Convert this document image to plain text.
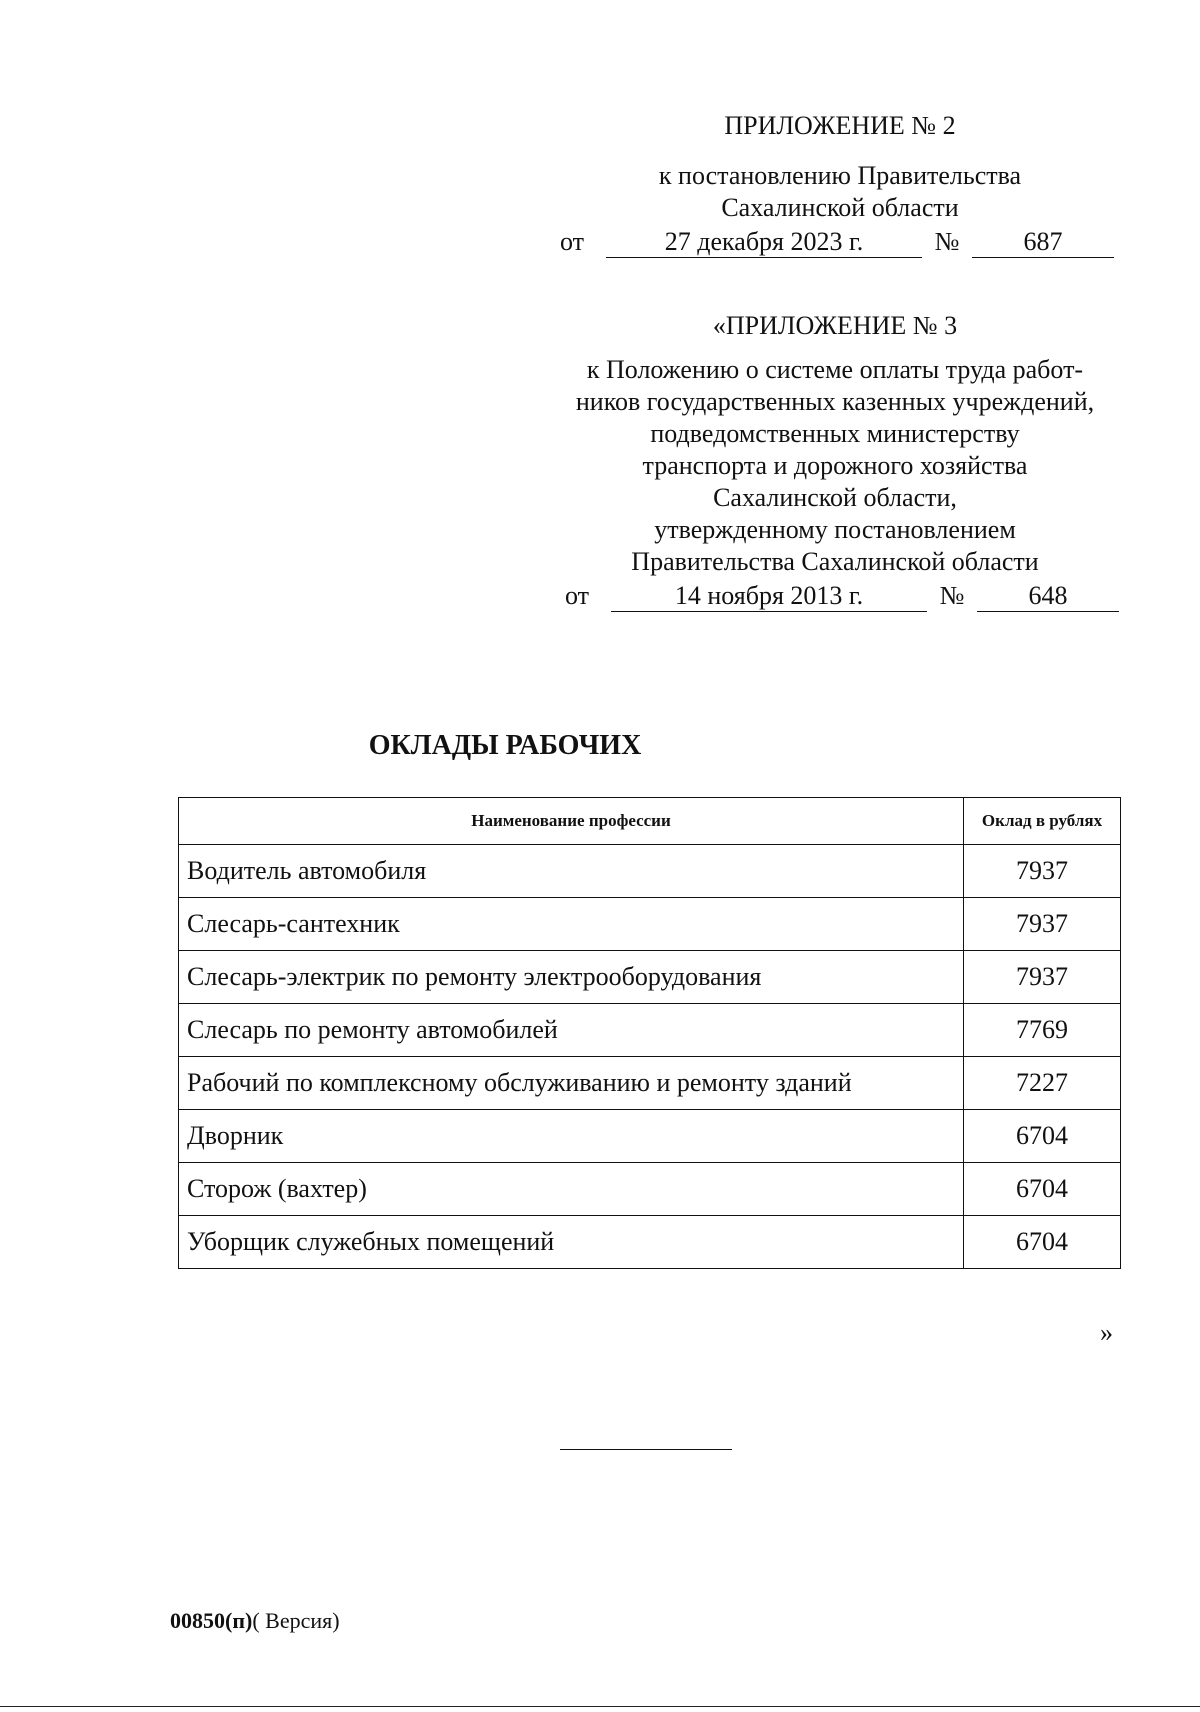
ПРИЛОЖЕНИЕ № 2
к постановлению Правительства
Сахалинской области
от	27 декабря 2023 г.	№	687
«ПРИЛОЖЕНИЕ № 3
к Положению о системе оплаты труда работ-
ников государственных казенных учреждений,
подведомственных министерству
транспорта и дорожного хозяйства
Сахалинской области,
утвержденному постановлением
Правительства Сахалинской области
от	14 ноября 2013 г.	№	648
ОКЛАДЫ РАБОЧИХ
Наименование профессии	Оклад в рублях
Водитель автомобиля	7937
Слесарь-сантехник	7937
Слесарь-электрик по ремонту электрооборудования	7937
Слесарь по ремонту автомобилей	7769
Рабочий по комплексному обслуживанию и ремонту зданий	7227
Дворник	6704
Сторож (вахтер)	6704
Уборщик служебных помещений	6704
»
00850(п)( Версия)
